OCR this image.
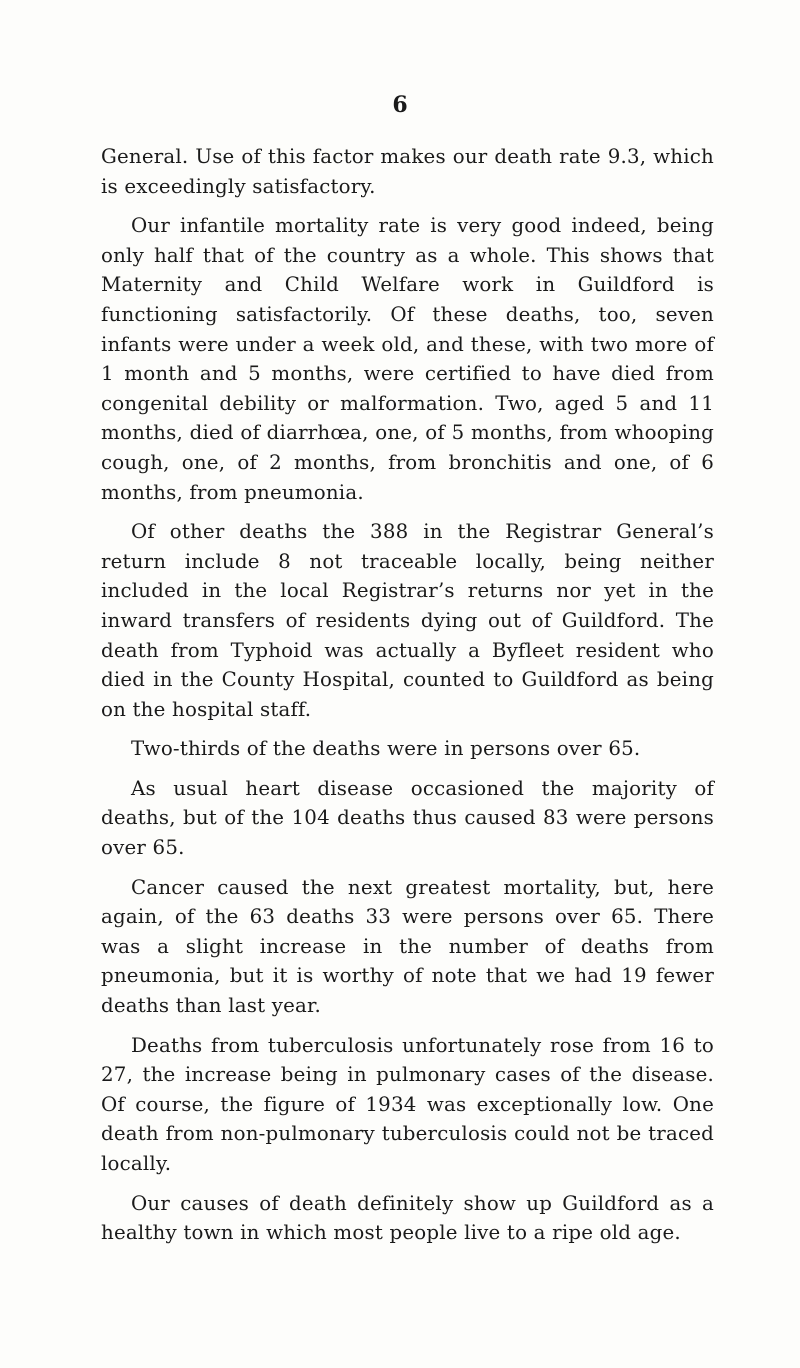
6

General. Use of this factor makes our death rate 9.3, which is exceedingly satisfactory.

Our infantile mortality rate is very good indeed, being only half that of the country as a whole. This shows that Maternity and Child Welfare work in Guildford is functioning satisfactorily. Of these deaths, too, seven infants were under a week old, and these, with two more of 1 month and 5 months, were certified to have died from congenital debility or malformation. Two, aged 5 and 11 months, died of diarrhœa, one, of 5 months, from whooping cough, one, of 2 months, from bronchitis and one, of 6 months, from pneumonia.

Of other deaths the 388 in the Registrar General’s return include 8 not traceable locally, being neither included in the local Registrar’s returns nor yet in the inward transfers of residents dying out of Guildford. The death from Typhoid was actually a Byfleet resident who died in the County Hospital, counted to Guildford as being on the hospital staff.

Two-thirds of the deaths were in persons over 65.

As usual heart disease occasioned the majority of deaths, but of the 104 deaths thus caused 83 were persons over 65.

Cancer caused the next greatest mortality, but, here again, of the 63 deaths 33 were persons over 65. There was a slight increase in the number of deaths from pneumonia, but it is worthy of note that we had 19 fewer deaths than last year.

Deaths from tuberculosis unfortunately rose from 16 to 27, the increase being in pulmonary cases of the disease. Of course, the figure of 1934 was exceptionally low. One death from non-pulmonary tuberculosis could not be traced locally.

Our causes of death definitely show up Guildford as a healthy town in which most people live to a ripe old age.
